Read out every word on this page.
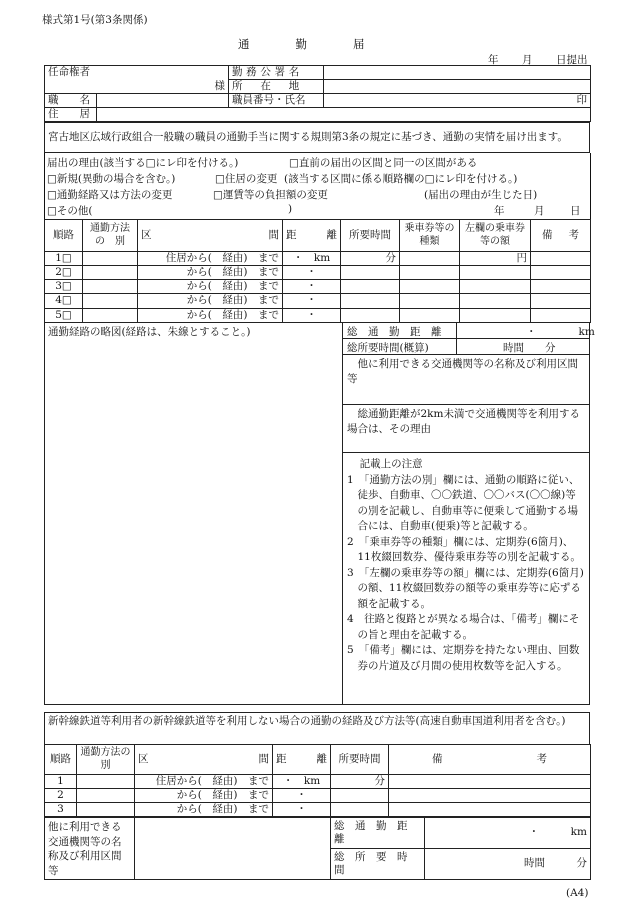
様式第1号(第3条関係)
通　　　　勤　　　　届
年 月 日提出
任命権者
様	勤務公署名	
	所　在　地	
職　　名		職員番号・氏名	印
住　　居			
宮古地区広域行政組合一般職の職員の通勤手当に関する規則第3条の規定に基づき、通勤の実情を届け出ます。
届出の理由(該当する□にレ印を付ける。)	□直前の届出の区間と同一の区間がある
□新規(異動の場合を含む。)	□住居の変更 (該当する区間に係る順路欄の□にレ印を付ける。)
□通勤経路又は方法の変更	□運賃等の負担額の変更	(届出の理由が生じた日)
□その他(	)	年	月 日
順路	通勤方法の　別	区 間	距 離	所要時間	乗車券等の種類	左欄の乗車券等の額	備 考

1□		住居から(　経由)　まで	・　km	分		円	
2□		から(　経由)　まで	・				
3□		から(　経由)　まで	・				
4□		から(　経由)　まで	・				
5□		から(　経由)　まで	・				
通勤経路の略図(経路は、朱線とすること。)	総　通　勤　距　離	・　　　　km
総所要時間(概算)	時間　　分
他に利用できる交通機関等の名称及び利用区間等
総通勤距離が2km未満で交通機関等を利用する場合は、その理由

記載上の注意

1　「通勤方法の別」欄には、通勤の順路に従い、徒歩、自動車、〇〇鉄道、〇〇バス(〇〇線)等の別を記載し、自動車等に便乗して通勤する場合には、自動車(便乗)等と記載する。

2　「乗車券等の種類」欄には、定期券(6箇月)、11枚綴回数券、優待乗車券等の別を記載する。

3　「左欄の乗車券等の額」欄には、定期券(6箇月)の額、11枚綴回数券の額等の乗車券等に応ずる額を記載する。

4　往路と復路とが異なる場合は、「備考」欄にその旨と理由を記載する。

5　「備考」欄には、定期券を持たない理由、回数券の片道及び月間の使用枚数等を記入する。

新幹線鉄道等利用者の新幹線鉄道等を利用しない場合の通勤の経路及び方法等(高速自動車国道利用者を含む。)
順路	通勤方法の　別	区 間	距 離	所要時間	備 考

1		住居から(　経由)　まで	・　km	分	
2		から(　経由)　まで	・		
3		から(　経由)　まで	・		
他に利用できる交通機関等の名称及び利用区間等		総　通　勤　距　離	・　　　km
		総　所　要　時　間	時間　　　分
(A4)
